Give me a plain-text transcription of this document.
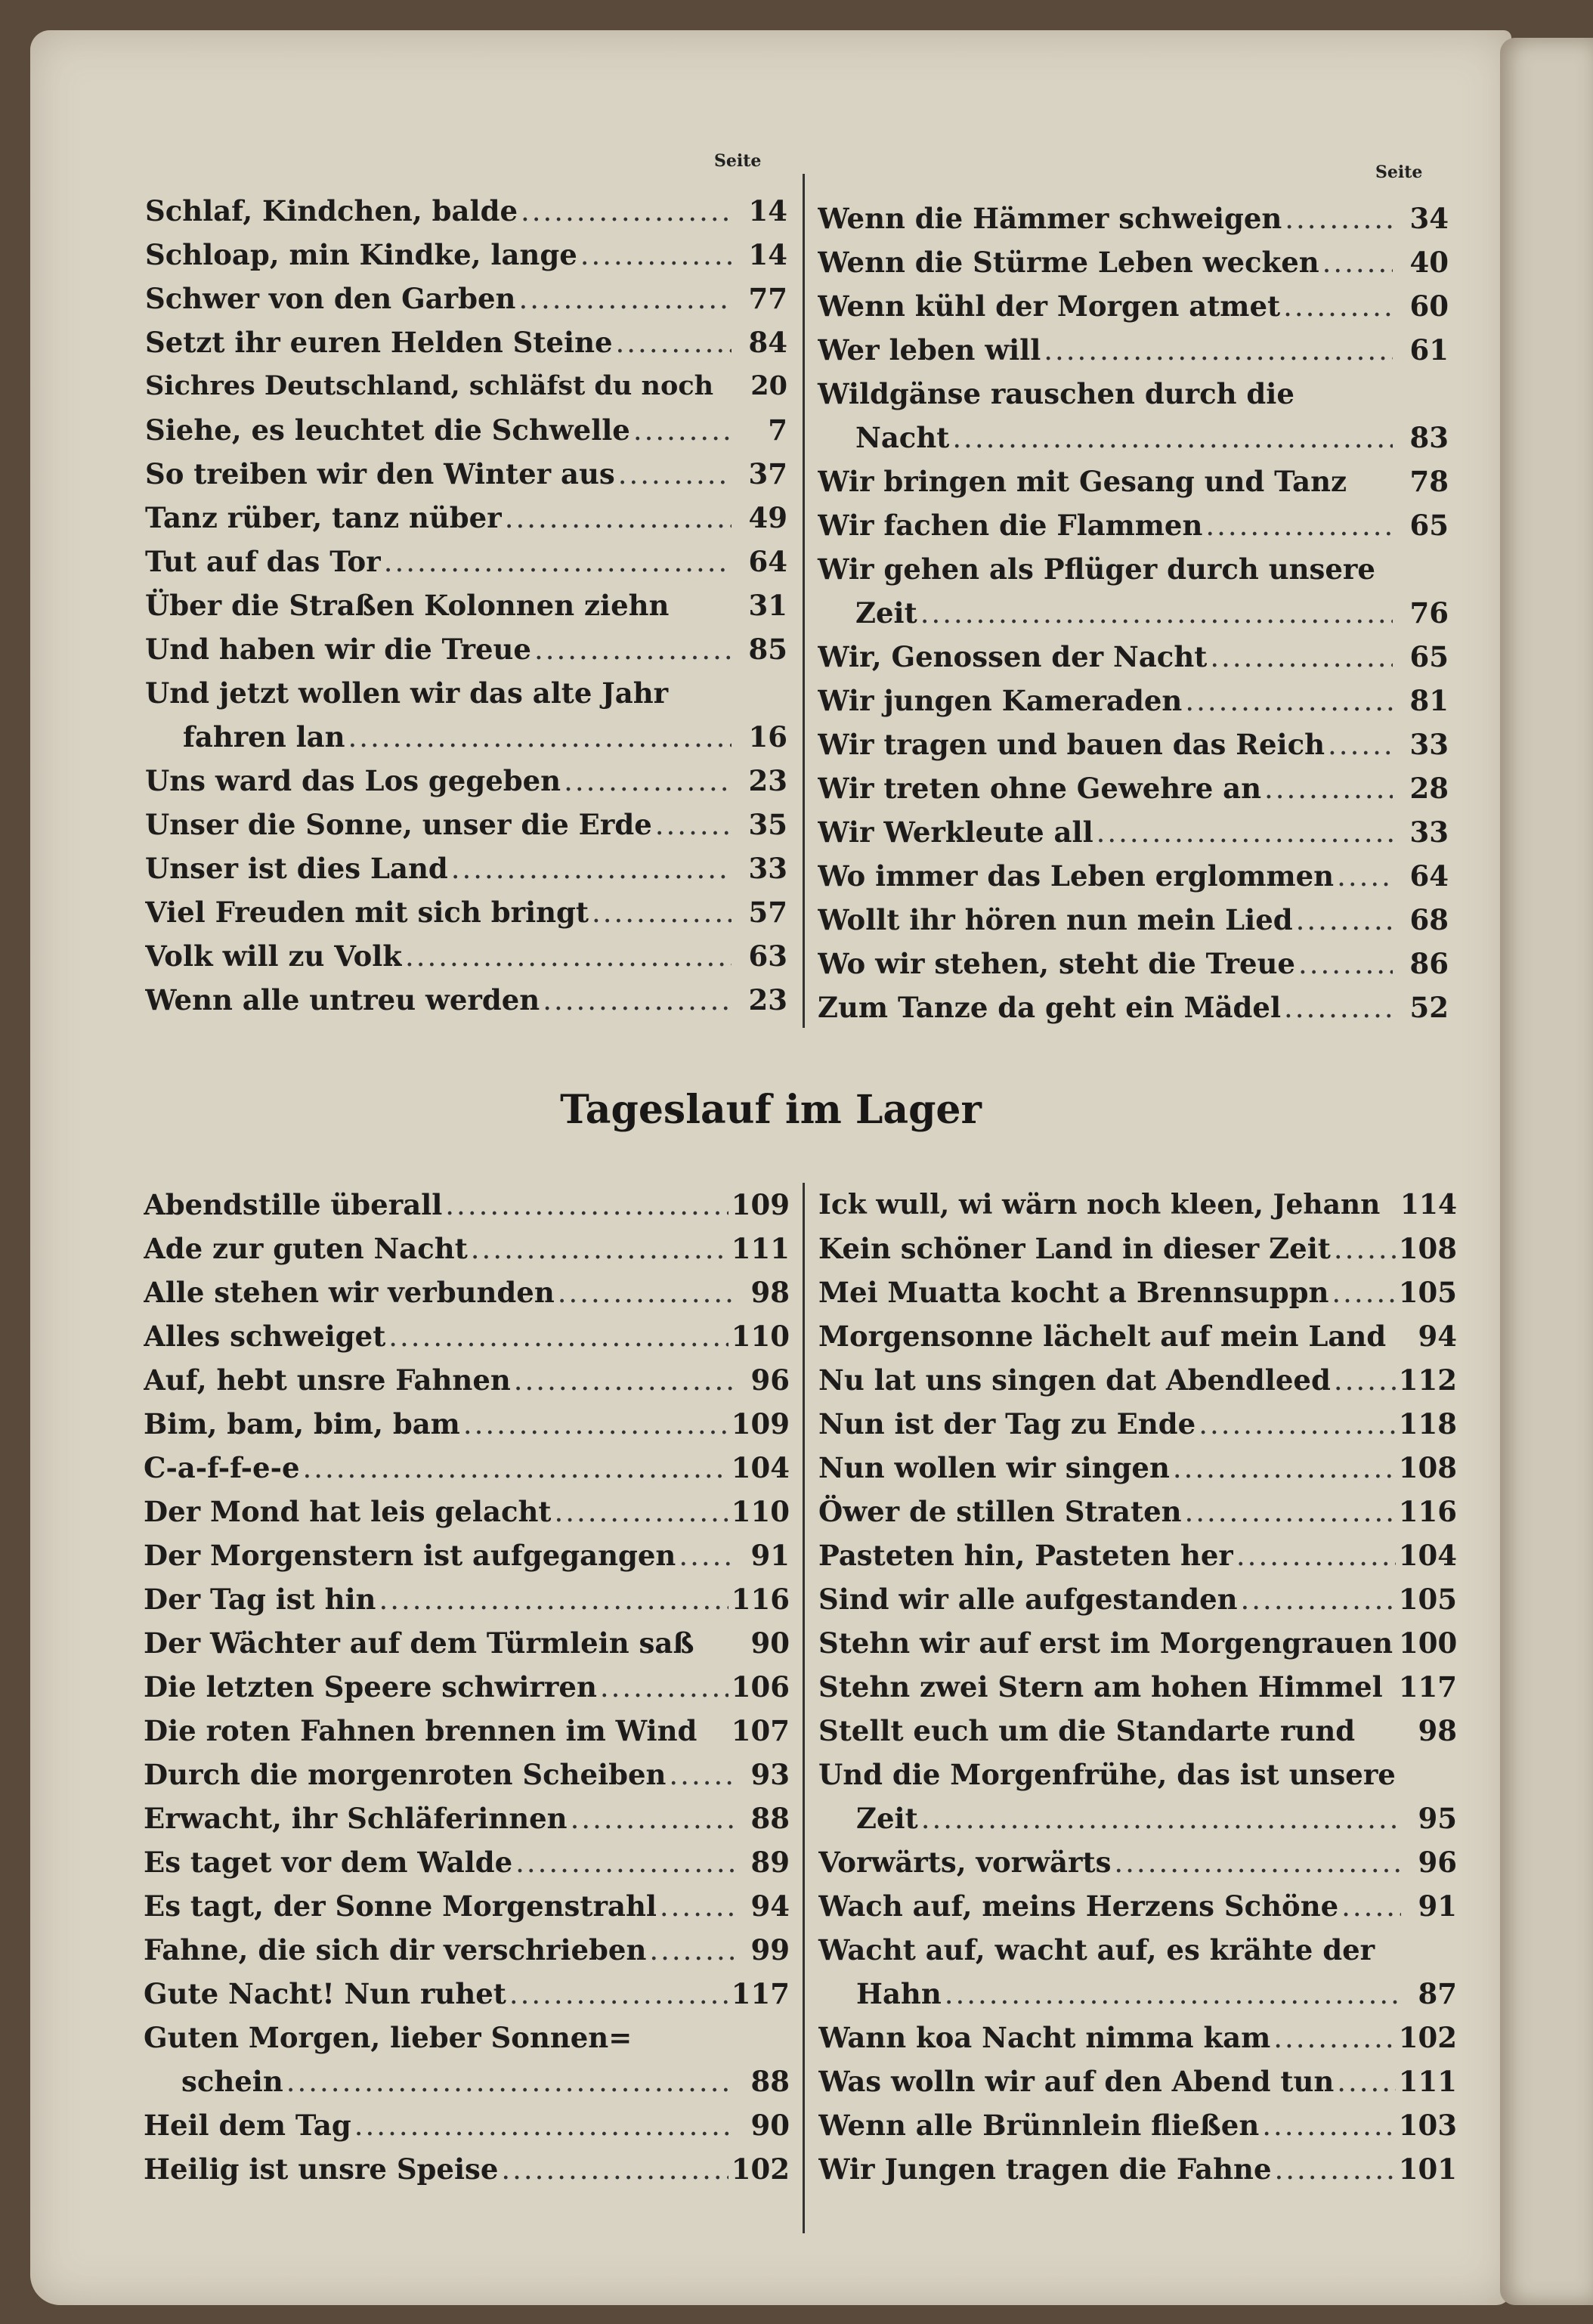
Seite
Seite
Schlaf, Kindchen, balde .....	14
Schloap, min Kindke, lange .....	14
Schwer von den Garben .....	77
Setzt ihr euren Helden Steine .....	84
Sichres Deutschland, schläfst du noch	20
Siehe, es leuchtet die Schwelle .....	7
So treiben wir den Winter aus .....	37
Tanz rüber, tanz nüber .....	49
Tut auf das Tor .....	64
Über die Straßen Kolonnen ziehn	31
Und haben wir die Treue .....	85
Und jetzt wollen wir das alte Jahr
fahren lan .....	16
Uns ward das Los gegeben .....	23
Unser die Sonne, unser die Erde .....	35
Unser ist dies Land .....	33
Viel Freuden mit sich bringt .....	57
Volk will zu Volk .....	63
Wenn alle untreu werden .....	23
Wenn die Hämmer schweigen .....	34
Wenn die Stürme Leben wecken .....	40
Wenn kühl der Morgen atmet .....	60
Wer leben will .....	61
Wildgänse rauschen durch die
Nacht .....	83
Wir bringen mit Gesang und Tanz	78
Wir fachen die Flammen .....	65
Wir gehen als Pflüger durch unsere
Zeit .....	76
Wir, Genossen der Nacht .....	65
Wir jungen Kameraden .....	81
Wir tragen und bauen das Reich .....	33
Wir treten ohne Gewehre an .....	28
Wir Werkleute all .....	33
Wo immer das Leben erglommen .....	64
Wollt ihr hören nun mein Lied .....	68
Wo wir stehen, steht die Treue .....	86
Zum Tanze da geht ein Mädel .....	52
Tageslauf im Lager
Abendstille überall .....	109
Ade zur guten Nacht .....	111
Alle stehen wir verbunden .....	98
Alles schweiget .....	110
Auf, hebt unsre Fahnen .....	96
Bim, bam, bim, bam .....	109
C-a-f-f-e-e .....	104
Der Mond hat leis gelacht .....	110
Der Morgenstern ist aufgegangen .....	91
Der Tag ist hin .....	116
Der Wächter auf dem Türmlein saß	90
Die letzten Speere schwirren .....	106
Die roten Fahnen brennen im Wind 107
Durch die morgenroten Scheiben .....	93
Erwacht, ihr Schläferinnen .....	88
Es taget vor dem Walde .....	89
Es tagt, der Sonne Morgenstrahl .....	94
Fahne, die sich dir verschrieben .....	99
Gute Nacht! Nun ruhet .....	117
Guten Morgen, lieber Sonnen=
schein .....	88
Heil dem Tag .....	90
Heilig ist unsre Speise .....	102
Ick wull, wi wärn noch kleen, Jehann 114
Kein schöner Land in dieser Zeit ..... 108
Mei Muatta kocht a Brennsuppn ..... 105
Morgensonne lächelt auf mein Land	94
Nu lat uns singen dat Abendleed ..... 112
Nun ist der Tag zu Ende .....	118
Nun wollen wir singen .....	108
Öwer de stillen Straten .....	116
Pasteten hin, Pasteten her .....	104
Sind wir alle aufgestanden .....	105
Stehn wir auf erst im Morgengrauen 100
Stehn zwei Stern am hohen Himmel 117
Stellt euch um die Standarte rund	98
Und die Morgenfrühe, das ist unsere
Zeit .....	95
Vorwärts, vorwärts .....	96
Wach auf, meins Herzens Schöne .....	91
Wacht auf, wacht auf, es krähte der
Hahn .....	87
Wann koa Nacht nimma kam .....	102
Was wolln wir auf den Abend tun ..... 111
Wenn alle Brünnlein fließen .....	103
Wir Jungen tragen die Fahne .....	101
